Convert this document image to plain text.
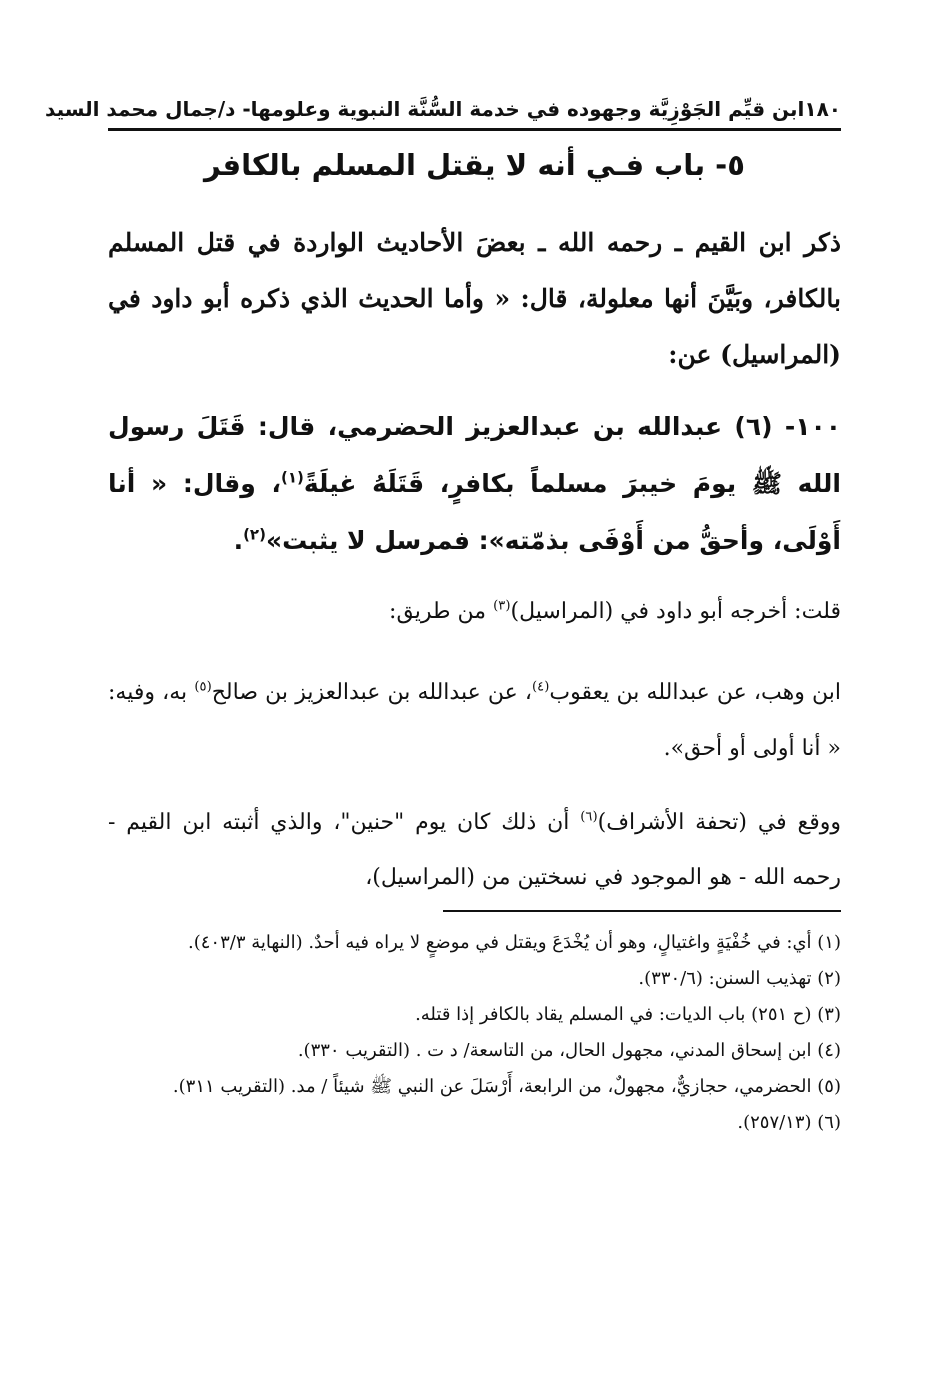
١٨٠
ابن قيِّم الجَوْزِيَّة وجهوده في خدمة السُّنَّة النبوية وعلومها- د/جمال محمد السيد
٥- باب فـي أنه لا يقتل المسلم بالكافر

ذكر ابن القيم ـ رحمه الله ـ بعضَ الأحاديث الواردة في قتل المسلم بالكافر، وبَيَّنَ أنها معلولة، قال: « وأما الحديث الذي ذكره أبو داود في (المراسيل) عن:

١٠٠- (٦) عبدالله بن عبدالعزيز الحضرمي، قال: قَتَلَ رسول الله ﷺ يومَ خيبرَ مسلماً بكافرٍ، قَتَلَهُ غيلَةً$^{(١)}$، وقال: « أنا أَوْلَى، وأحقُّ من أَوْفَى بذمّته»: فمرسل لا يثبت»$^{(٢)}$.

قلت: أخرجه أبو داود في (المراسيل)$^{(٣)}$ من طريق:

ابن وهب، عن عبدالله بن يعقوب$^{(٤)}$، عن عبدالله بن عبدالعزيز بن صالح$^{(٥)}$ به، وفيه: « أنا أولى أو أحق».

ووقع في (تحفة الأشراف)$^{(٦)}$ أن ذلك كان يوم "حنين"، والذي أثبته ابن القيم - رحمه الله - هو الموجود في نسختين من (المراسيل)،

(١) أي: في خُفْيَةٍ واغتيالٍ، وهو أن يُخْدَعَ ويقتل في موضعٍ لا يراه فيه أحدٌ. (النهاية ٤٠٣/٣).
(٢) تهذيب السنن: (٣٣٠/٦).
(٣) (ح ٢٥١) باب الديات: في المسلم يقاد بالكافر إذا قتله.
(٤) ابن إسحاق المدني، مجهول الحال، من التاسعة/ د ت . (التقريب ٣٣٠).
(٥) الحضرمي، حجازيٌّ، مجهولٌ، من الرابعة، أَرْسَلَ عن النبي ﷺ شيئاً / مد. (التقريب ٣١١).
(٦) (٢٥٧/١٣).
